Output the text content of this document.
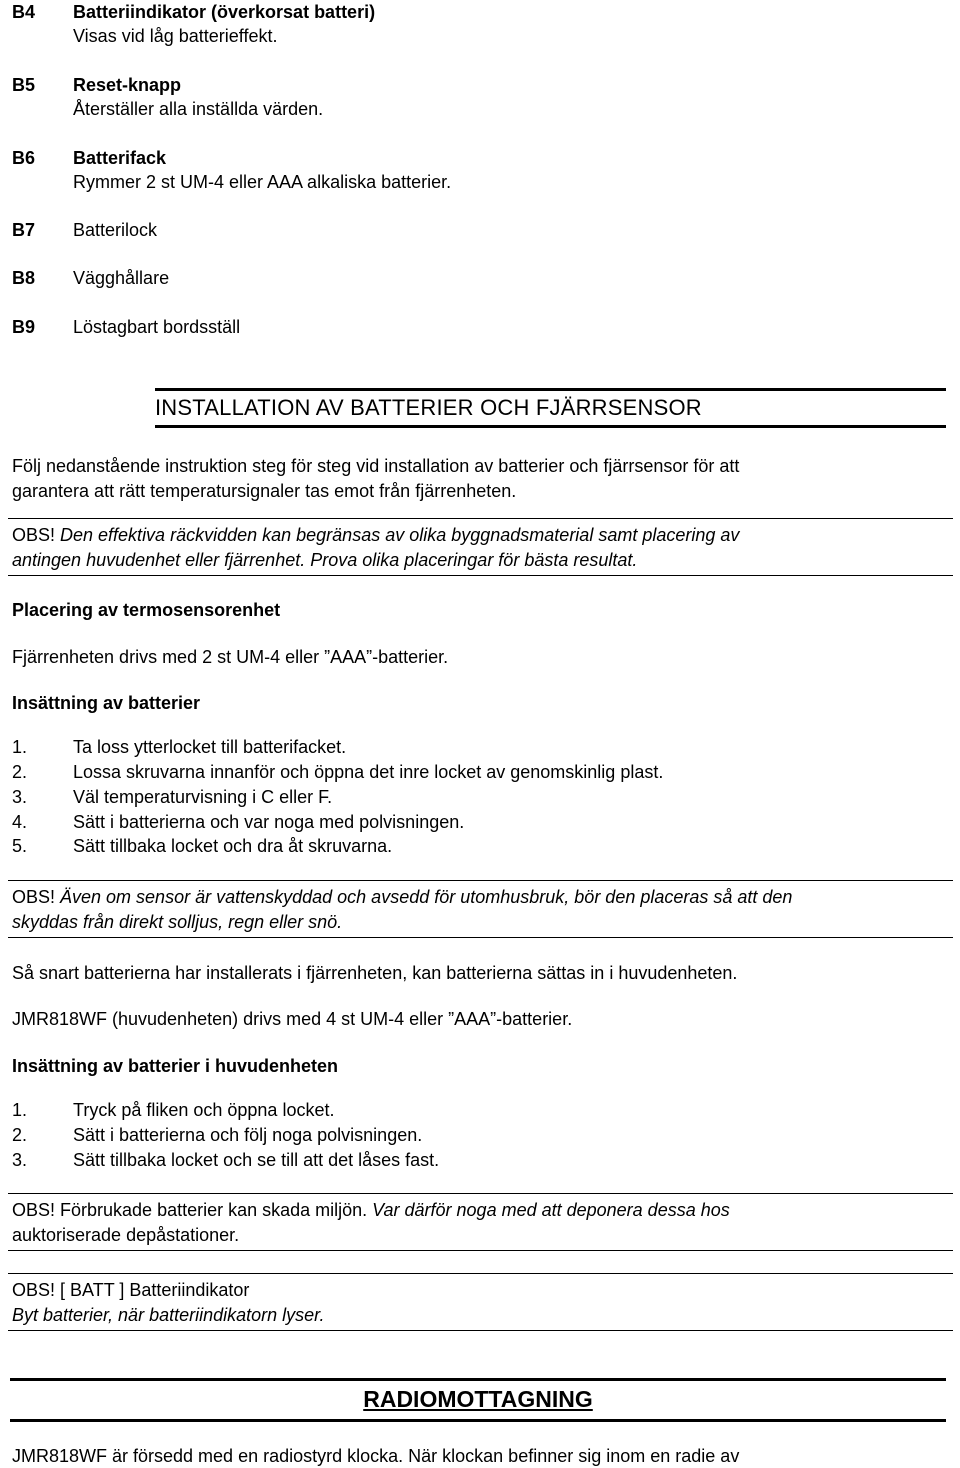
B4 Batteriindikator (överkorsat batteri)
Visas vid låg batterieffekt.
B5 Reset-knapp
Återställer alla inställda värden.
B6 Batterifack
Rymmer 2 st UM-4 eller AAA alkaliska batterier.
B7 Batterilock
B8 Vägghållare
B9 Löstagbart bordsställ
INSTALLATION AV BATTERIER OCH FJÄRRSENSOR
Följ nedanstående instruktion steg för steg vid installation av batterier och fjärrsensor för att
garantera att rätt temperatursignaler tas emot från fjärrenheten.
OBS! Den effektiva räckvidden kan begränsas av olika byggnadsmaterial samt placering av
antingen huvudenhet eller fjärrenhet. Prova olika placeringar för bästa resultat.
Placering av termosensorenhet
Fjärrenheten drivs med 2 st UM-4 eller ”AAA”-batterier.
Insättning av batterier
1.	Ta loss ytterlocket till batterifacket.
2.	Lossa skruvarna innanför och öppna det inre locket av genomskinlig plast.
3.	Väl temperaturvisning i C eller F.
4.	Sätt i batterierna och var noga med polvisningen.
5.	Sätt tillbaka locket och dra åt skruvarna.
OBS! Även om sensor är vattenskyddad och avsedd för utomhusbruk, bör den placeras så att den
skyddas från direkt solljus, regn eller snö.
Så snart batterierna har installerats i fjärrenheten, kan batterierna sättas in i huvudenheten.
JMR818WF (huvudenheten) drivs med 4 st UM-4 eller ”AAA”-batterier.
Insättning av batterier i huvudenheten
1.	Tryck på fliken och öppna locket.
2.	Sätt i batterierna och följ noga polvisningen.
3.	Sätt tillbaka locket och se till att det låses fast.
OBS! Förbrukade batterier kan skada miljön. Var därför noga med att deponera dessa hos
auktoriserade depåstationer.
OBS! [ BATT ] Batteriindikator
Byt batterier, när batteriindikatorn lyser.
RADIOMOTTAGNING
JMR818WF är försedd med en radiostyrd klocka. När klockan befinner sig inom en radie av
